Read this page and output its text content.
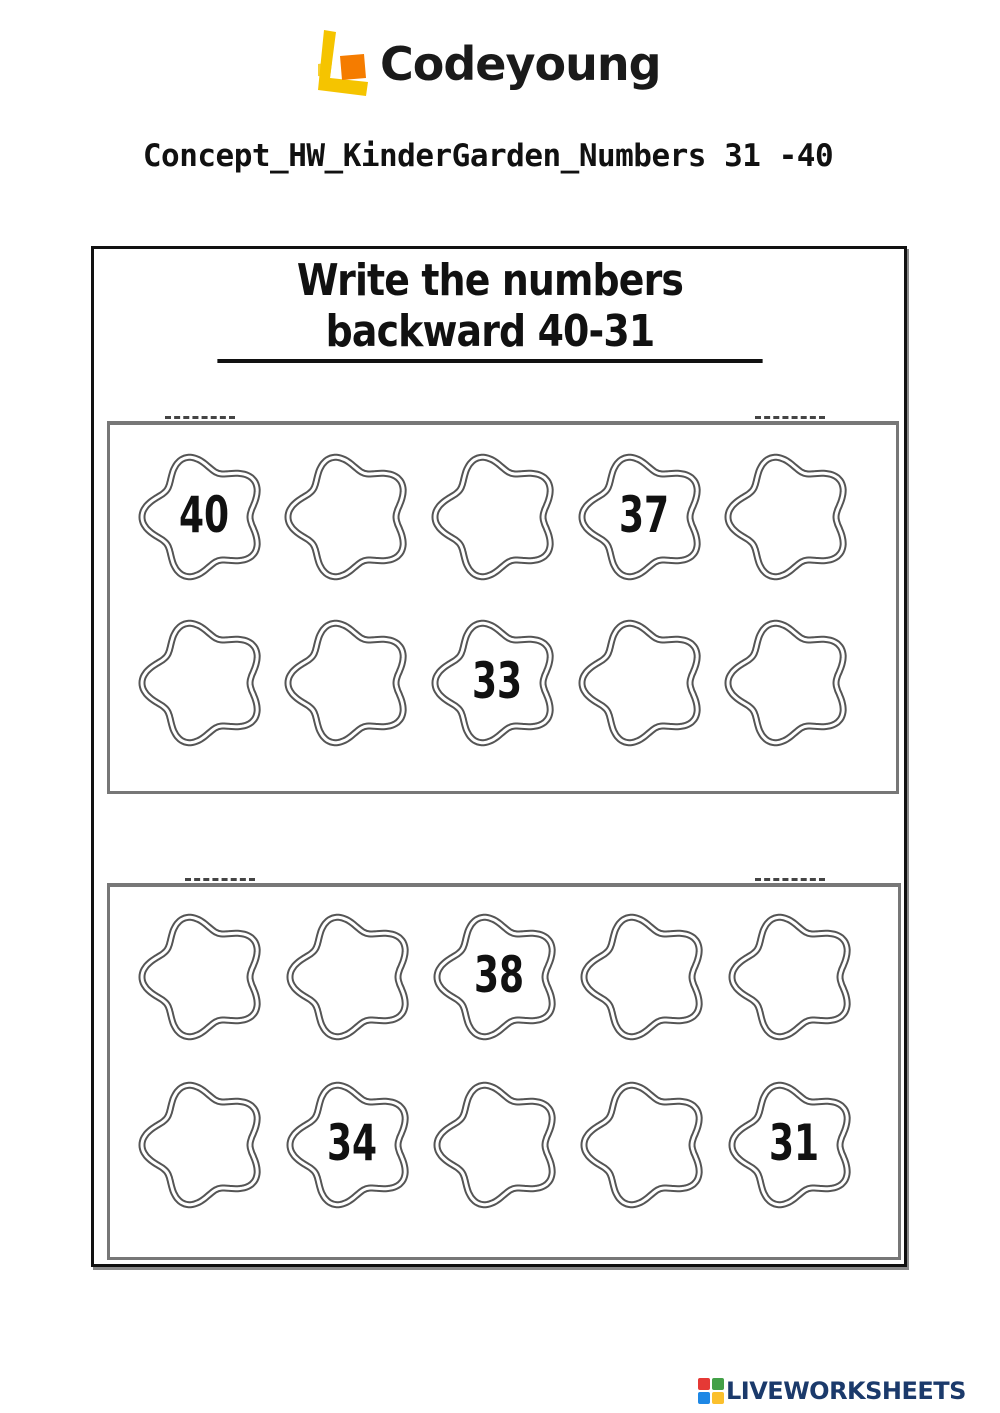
Codeyoung
Concept_HW_KinderGarden_Numbers 31 -40
Write the numbers backward 40-31
40	37
33
38
34	31
LIVEWORKSHEETS
